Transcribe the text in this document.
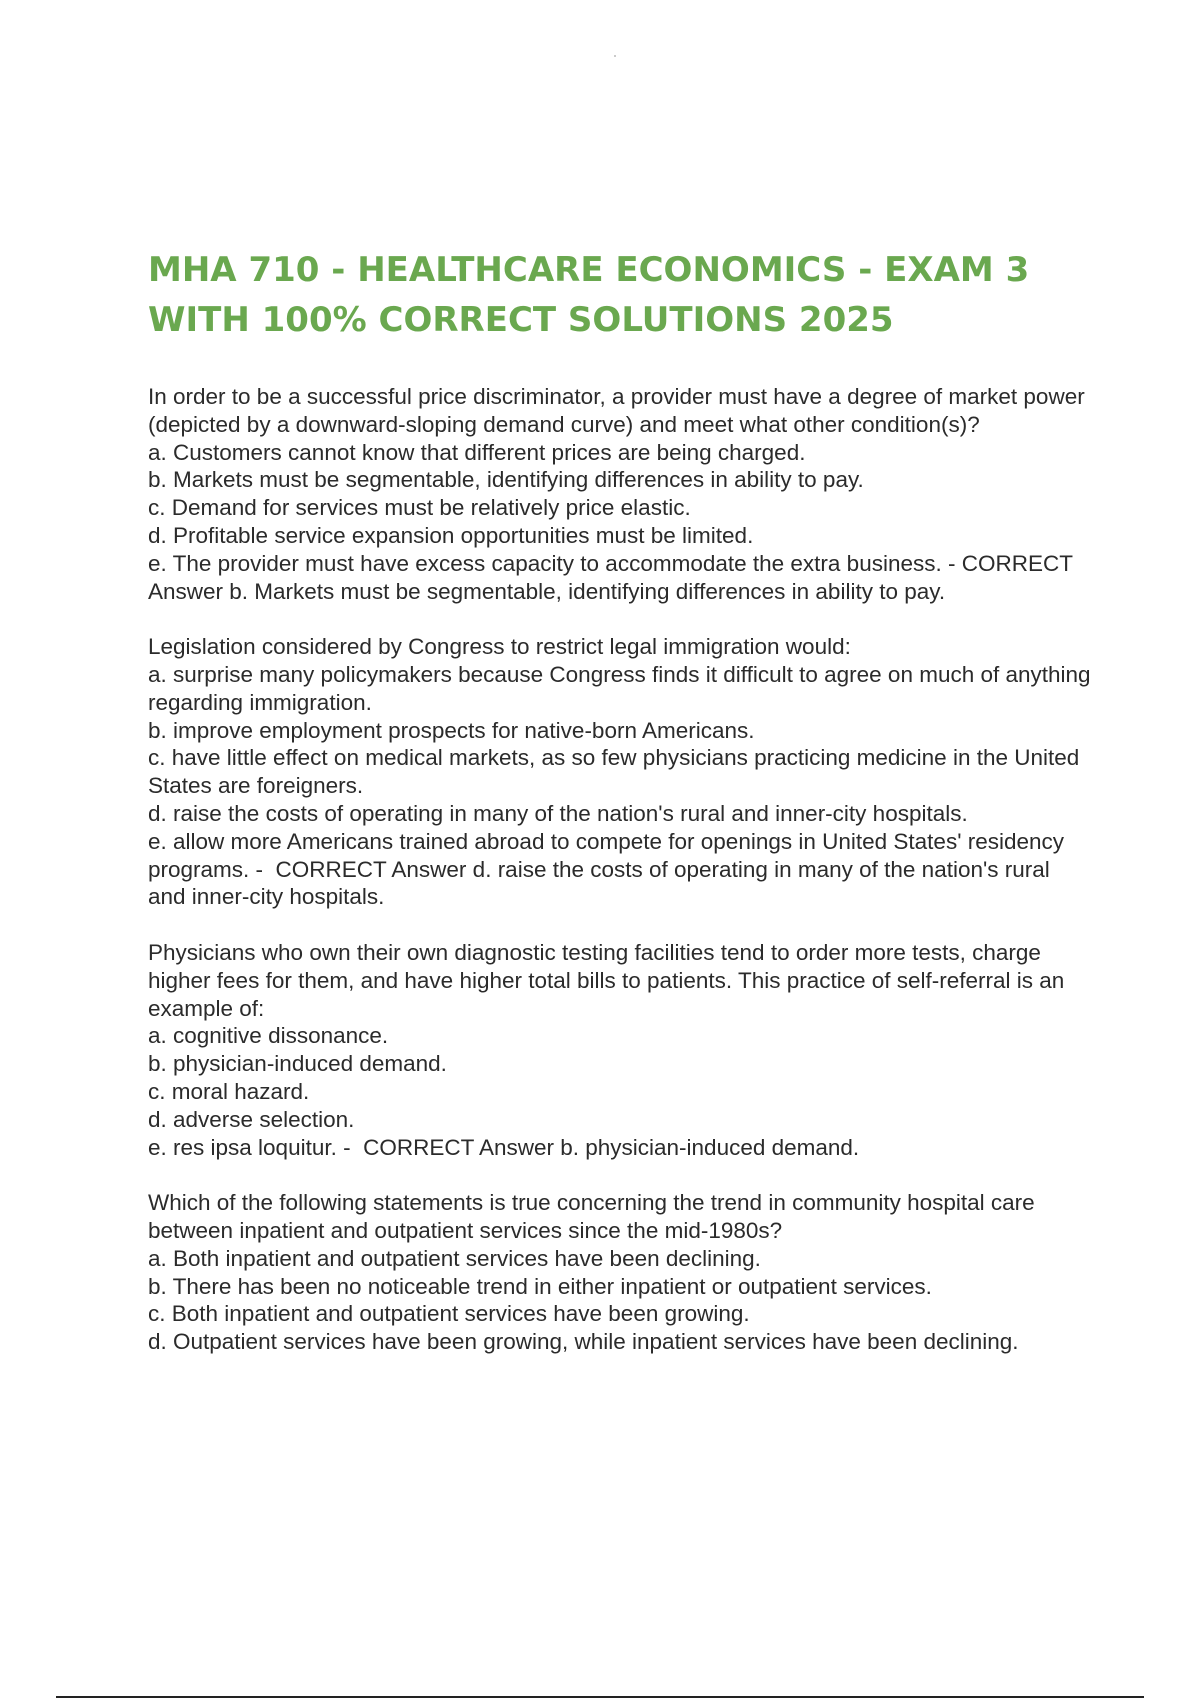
MHA 710 - HEALTHCARE ECONOMICS - EXAM 3
WITH 100% CORRECT SOLUTIONS 2025

In order to be a successful price discriminator, a provider must have a degree of market power (depicted by a downward-sloping demand curve) and meet what other condition(s)?

a. Customers cannot know that different prices are being charged.
b. Markets must be segmentable, identifying differences in ability to pay.
c. Demand for services must be relatively price elastic.
d. Profitable service expansion opportunities must be limited.

e. The provider must have excess capacity to accommodate the extra business. - CORRECT Answer b. Markets must be segmentable, identifying differences in ability to pay.

Legislation considered by Congress to restrict legal immigration would:

a. surprise many policymakers because Congress finds it difficult to agree on much of anything regarding immigration.
b. improve employment prospects for native-born Americans.
c. have little effect on medical markets, as so few physicians practicing medicine in the United States are foreigners.
d. raise the costs of operating in many of the nation's rural and inner-city hospitals.

e. allow more Americans trained abroad to compete for openings in United States' residency programs. -  CORRECT Answer d. raise the costs of operating in many of the nation's rural and inner-city hospitals.

Physicians who own their own diagnostic testing facilities tend to order more tests, charge higher fees for them, and have higher total bills to patients. This practice of self-referral is an example of:

a. cognitive dissonance.
b. physician-induced demand.
c. moral hazard.
d. adverse selection.

e. res ipsa loquitur. -  CORRECT Answer b. physician-induced demand.

Which of the following statements is true concerning the trend in community hospital care between inpatient and outpatient services since the mid-1980s?

a. Both inpatient and outpatient services have been declining.
b. There has been no noticeable trend in either inpatient or outpatient services.
c. Both inpatient and outpatient services have been growing.
d. Outpatient services have been growing, while inpatient services have been declining.
